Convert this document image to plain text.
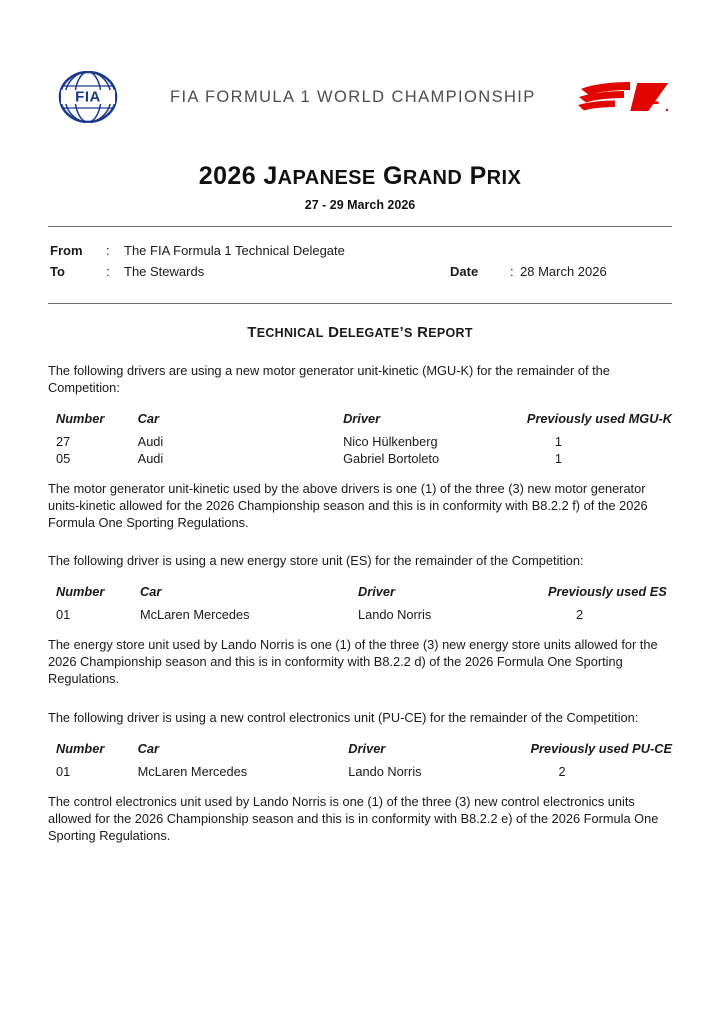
FIA	FIA FORMULA 1 WORLD CHAMPIONSHIP	1
2026 JAPANESE GRAND PRIX
27 - 29 March 2026
From	:	The FIA Formula 1 Technical Delegate
To	:	The Stewards	Date	: 28 March 2026
TECHNICAL DELEGATE’S REPORT

The following drivers are using a new motor generator unit-kinetic (MGU-K) for the remainder of the Competition:

Number	Car	Driver	Previously used MGU-K
27	Audi	Nico Hülkenberg	1
05	Audi	Gabriel Bortoleto	1

The motor generator unit-kinetic used by the above drivers is one (1) of the three (3) new motor generator units-kinetic allowed for the 2026 Championship season and this is in conformity with B8.2.2 f) of the 2026 Formula One Sporting Regulations.

The following driver is using a new energy store unit (ES) for the remainder of the Competition:

Number	Car	Driver	Previously used ES
01	McLaren Mercedes	Lando Norris	2

The energy store unit used by Lando Norris is one (1) of the three (3) new energy store units allowed for the 2026 Championship season and this is in conformity with B8.2.2 d) of the 2026 Formula One Sporting Regulations.

The following driver is using a new control electronics unit (PU-CE) for the remainder of the Competition:

Number	Car	Driver	Previously used PU-CE
01	McLaren Mercedes	Lando Norris	2

The control electronics unit used by Lando Norris is one (1) of the three (3) new control electronics units allowed for the 2026 Championship season and this is in conformity with B8.2.2 e) of the 2026 Formula One Sporting Regulations.
